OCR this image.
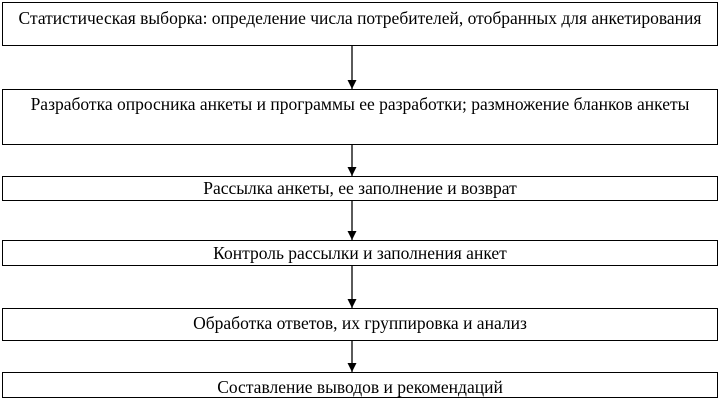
Статистическая выборка: определение числа потребителей, отобранных для анкетирования
Разработка опросника анкеты и программы ее разработки; размножение бланков анкеты
Рассылка анкеты, ее заполнение и возврат
Контроль рассылки и заполнения анкет
Обработка ответов, их группировка и анализ
Составление выводов и рекомендаций
